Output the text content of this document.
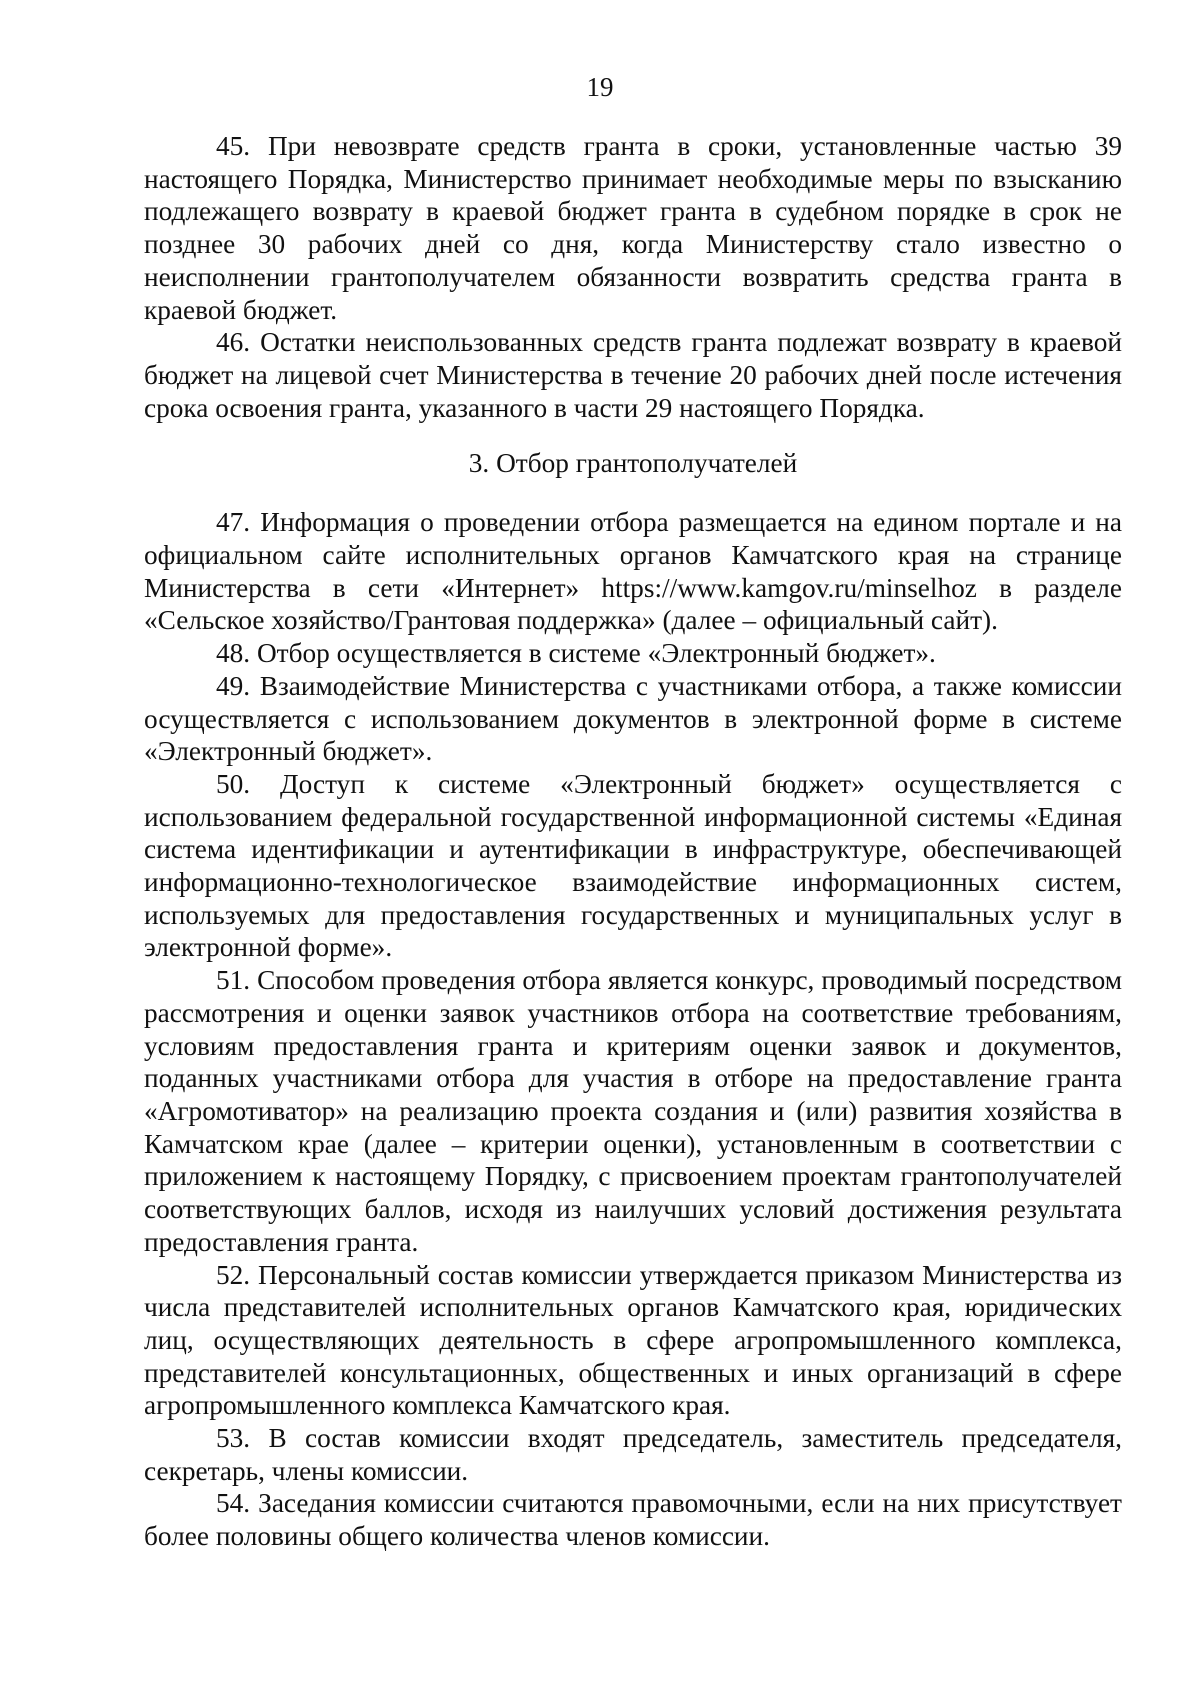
19

45. При невозврате средств гранта в сроки, установленные частью 39 настоящего Порядка, Министерство принимает необходимые меры по взысканию подлежащего возврату в краевой бюджет гранта в судебном порядке в срок не позднее 30 рабочих дней со дня, когда Министерству стало известно о неисполнении грантополучателем обязанности возвратить средства гранта в краевой бюджет.

46. Остатки неиспользованных средств гранта подлежат возврату в краевой бюджет на лицевой счет Министерства в течение 20 рабочих дней после истечения срока освоения гранта, указанного в части 29 настоящего Порядка.

3. Отбор грантополучателей

47. Информация о проведении отбора размещается на едином портале и на официальном сайте исполнительных органов Камчатского края на странице Министерства в сети «Интернет» https://www.kamgov.ru/minselhoz в разделе «Сельское хозяйство/Грантовая поддержка» (далее – официальный сайт).

48. Отбор осуществляется в системе «Электронный бюджет».

49. Взаимодействие Министерства с участниками отбора, а также комиссии осуществляется с использованием документов в электронной форме в системе «Электронный бюджет».

50. Доступ к системе «Электронный бюджет» осуществляется с использованием федеральной государственной информационной системы «Единая система идентификации и аутентификации в инфраструктуре, обеспечивающей информационно-технологическое взаимодействие информационных систем, используемых для предоставления государственных и муниципальных услуг в электронной форме».

51. Способом проведения отбора является конкурс, проводимый посредством рассмотрения и оценки заявок участников отбора на соответствие требованиям, условиям предоставления гранта и критериям оценки заявок и документов, поданных участниками отбора для участия в отборе на предоставление гранта «Агромотиватор» на реализацию проекта создания и (или) развития хозяйства в Камчатском крае (далее – критерии оценки), установленным в соответствии с приложением к настоящему Порядку, с присвоением проектам грантополучателей соответствующих баллов, исходя из наилучших условий достижения результата предоставления гранта.

52. Персональный состав комиссии утверждается приказом Министерства из числа представителей исполнительных органов Камчатского края, юридических лиц, осуществляющих деятельность в сфере агропромышленного комплекса, представителей консультационных, общественных и иных организаций в сфере агропромышленного комплекса Камчатского края.

53. В состав комиссии входят председатель, заместитель председателя, секретарь, члены комиссии.

54. Заседания комиссии считаются правомочными, если на них присутствует более половины общего количества членов комиссии.
